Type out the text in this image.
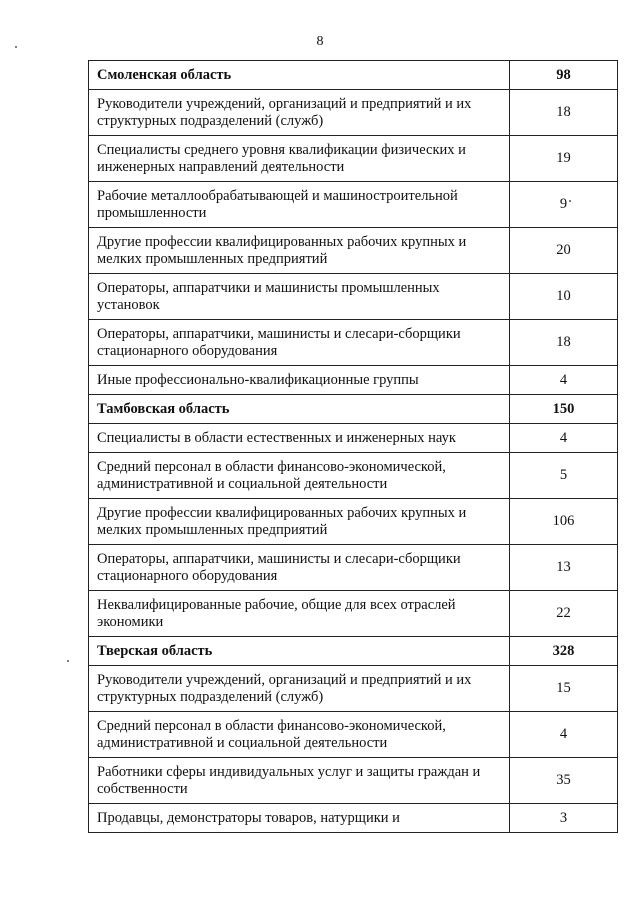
8
Смоленская область	98
Руководители учреждений, организаций и предприятий и их структурных подразделений (служб)	18
Специалисты среднего уровня квалификации физических и инженерных направлений деятельности	19
Рабочие металлообрабатывающей и машиностроительной промышленности	9
Другие профессии квалифицированных рабочих крупных и мелких промышленных предприятий	20
Операторы, аппаратчики и машинисты промышленных установок	10
Операторы, аппаратчики, машинисты и слесари-сборщики стационарного оборудования	18
Иные профессионально-квалификационные группы	4
Тамбовская область	150
Специалисты в области естественных и инженерных наук	4
Средний персонал в области финансово-экономической, административной и социальной деятельности	5
Другие профессии квалифицированных рабочих крупных и мелких промышленных предприятий	106
Операторы, аппаратчики, машинисты и слесари-сборщики стационарного оборудования	13
Неквалифицированные рабочие, общие для всех отраслей экономики	22
Тверская область	328
Руководители учреждений, организаций и предприятий и их структурных подразделений (служб)	15
Средний персонал в области финансово-экономической, административной и социальной деятельности	4
Работники сферы индивидуальных услуг и защиты граждан и собственности	35
Продавцы, демонстраторы товаров, натурщики и	3
